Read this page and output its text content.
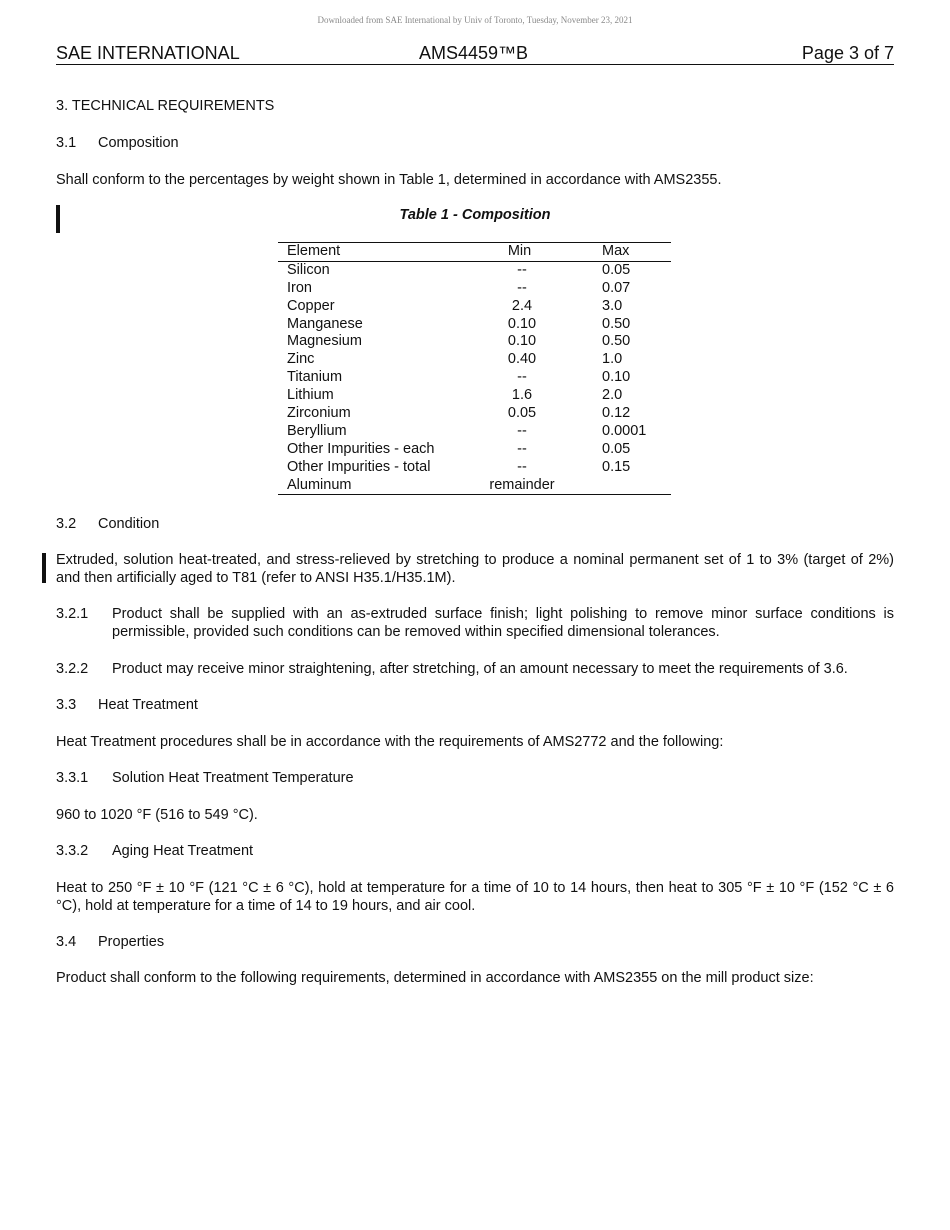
Downloaded from SAE International by Univ of Toronto, Tuesday, November 23, 2021
SAE INTERNATIONAL	AMS4459™B	Page 3 of 7
3. TECHNICAL REQUIREMENTS
3.1 Composition
Shall conform to the percentages by weight shown in Table 1, determined in accordance with AMS2355.
Table 1 - Composition
Element	Min	Max
Silicon	--	0.05
Iron	--	0.07
Copper	2.4	3.0
Manganese	0.10	0.50
Magnesium	0.10	0.50
Zinc	0.40	1.0
Titanium	--	0.10
Lithium	1.6	2.0
Zirconium	0.05	0.12
Beryllium	--	0.0001
Other Impurities - each	--	0.05
Other Impurities - total	--	0.15
Aluminum	remainder
3.2 Condition
Extruded, solution heat-treated, and stress-relieved by stretching to produce a nominal permanent set of 1 to 3% (target of 2%) and then artificially aged to T81 (refer to ANSI H35.1/H35.1M).
3.2.1 Product shall be supplied with an as-extruded surface finish; light polishing to remove minor surface conditions is permissible, provided such conditions can be removed within specified dimensional tolerances.
3.2.2 Product may receive minor straightening, after stretching, of an amount necessary to meet the requirements of 3.6.
3.3 Heat Treatment
Heat Treatment procedures shall be in accordance with the requirements of AMS2772 and the following:
3.3.1 Solution Heat Treatment Temperature
960 to 1020 °F (516 to 549 °C).
3.3.2 Aging Heat Treatment
Heat to 250 °F ± 10 °F (121 °C ± 6 °C), hold at temperature for a time of 10 to 14 hours, then heat to 305 °F ± 10 °F (152 °C ± 6 °C), hold at temperature for a time of 14 to 19 hours, and air cool.
3.4 Properties
Product shall conform to the following requirements, determined in accordance with AMS2355 on the mill product size:
